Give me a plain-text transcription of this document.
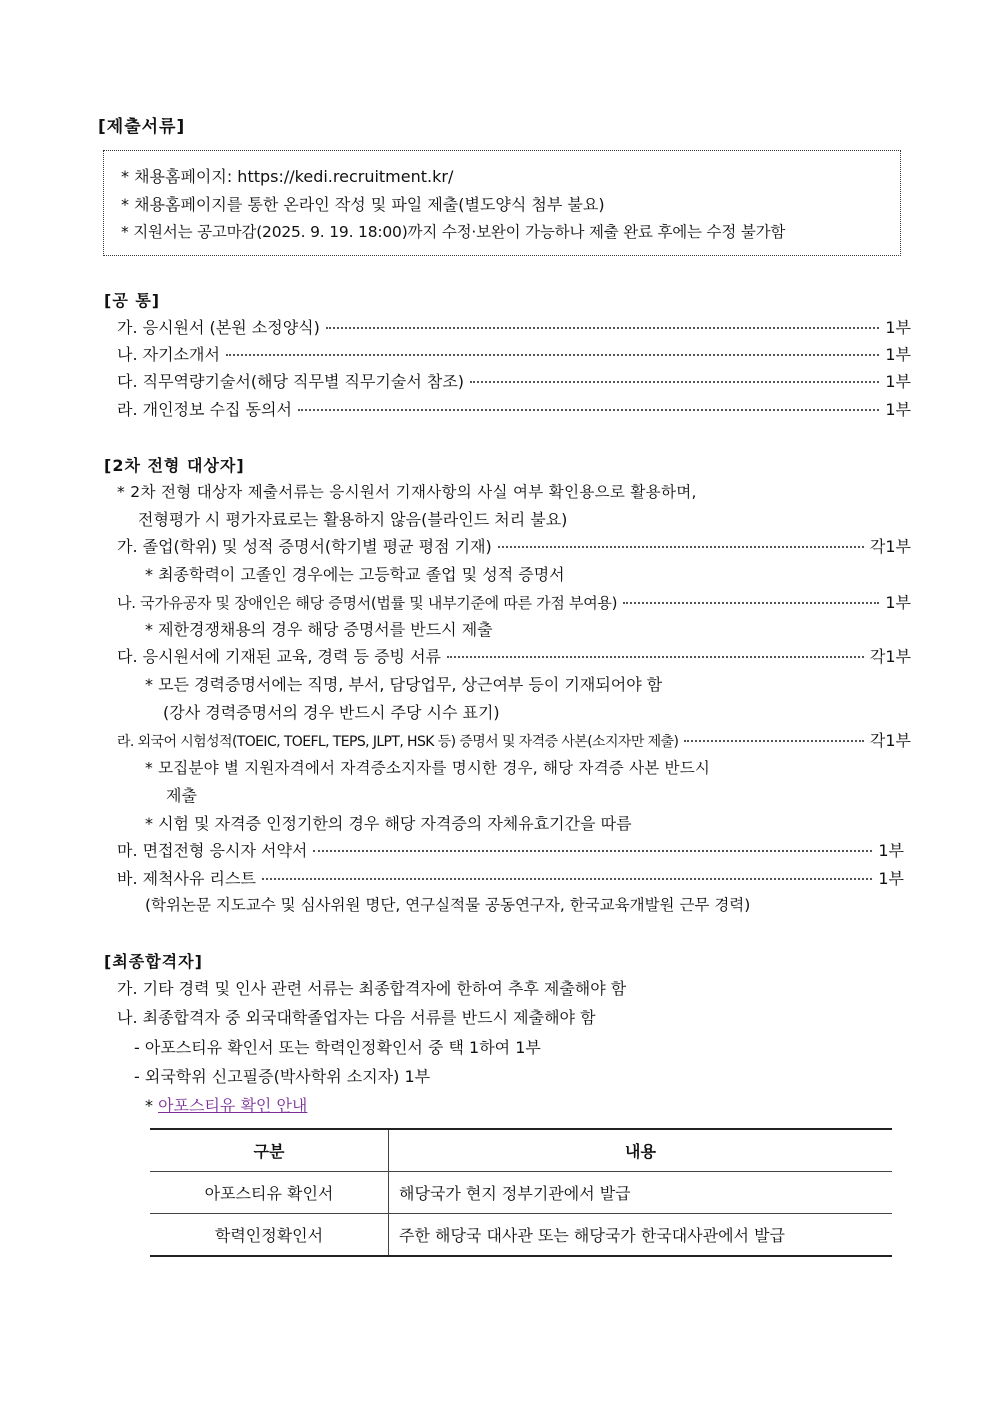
[제출서류]
* 채용홈페이지: https://kedi.recruitment.kr/
* 채용홈페이지를 통한 온라인 작성 및 파일 제출(별도양식 첨부 불요)
* 지원서는 공고마감(2025. 9. 19. 18:00)까지 수정·보완이 가능하나 제출 완료 후에는 수정 불가함
[공 통]
가. 응시원서 (본원 소정양식)	1부
나. 자기소개서	1부
다. 직무역량기술서(해당 직무별 직무기술서 참조)	1부
라. 개인정보 수집 동의서	1부
[2차 전형 대상자]
* 2차 전형 대상자 제출서류는 응시원서 기재사항의 사실 여부 확인용으로 활용하며,
전형평가 시 평가자료로는 활용하지 않음(블라인드 처리 불요)
가. 졸업(학위) 및 성적 증명서(학기별 평균 평점 기재)	각1부
* 최종학력이 고졸인 경우에는 고등학교 졸업 및 성적 증명서
나. 국가유공자 및 장애인은 해당 증명서(법률 및 내부기준에 따른 가점 부여용)	1부
* 제한경쟁채용의 경우 해당 증명서를 반드시 제출
다. 응시원서에 기재된 교육, 경력 등 증빙 서류	각1부
* 모든 경력증명서에는 직명, 부서, 담당업무, 상근여부 등이 기재되어야 함
(강사 경력증명서의 경우 반드시 주당 시수 표기)
라. 외국어 시험성적(TOEIC, TOEFL, TEPS, JLPT, HSK 등) 증명서 및 자격증 사본(소지자만 제출)	각1부
* 모집분야 별 지원자격에서 자격증소지자를 명시한 경우, 해당 자격증 사본 반드시
제출
* 시험 및 자격증 인정기한의 경우 해당 자격증의 자체유효기간을 따름
마. 면접전형 응시자 서약서	1부
바. 제척사유 리스트	1부
(학위논문 지도교수 및 심사위원 명단, 연구실적물 공동연구자, 한국교육개발원 근무 경력)
[최종합격자]
가. 기타 경력 및 인사 관련 서류는 최종합격자에 한하여 추후 제출해야 함
나. 최종합격자 중 외국대학졸업자는 다음 서류를 반드시 제출해야 함
- 아포스티유 확인서 또는 학력인정확인서 중 택 1하여 1부
- 외국학위 신고필증(박사학위 소지자) 1부
* 아포스티유 확인 안내
구분	내용
아포스티유 확인서	해당국가 현지 정부기관에서 발급
학력인정확인서	주한 해당국 대사관 또는 해당국가 한국대사관에서 발급
